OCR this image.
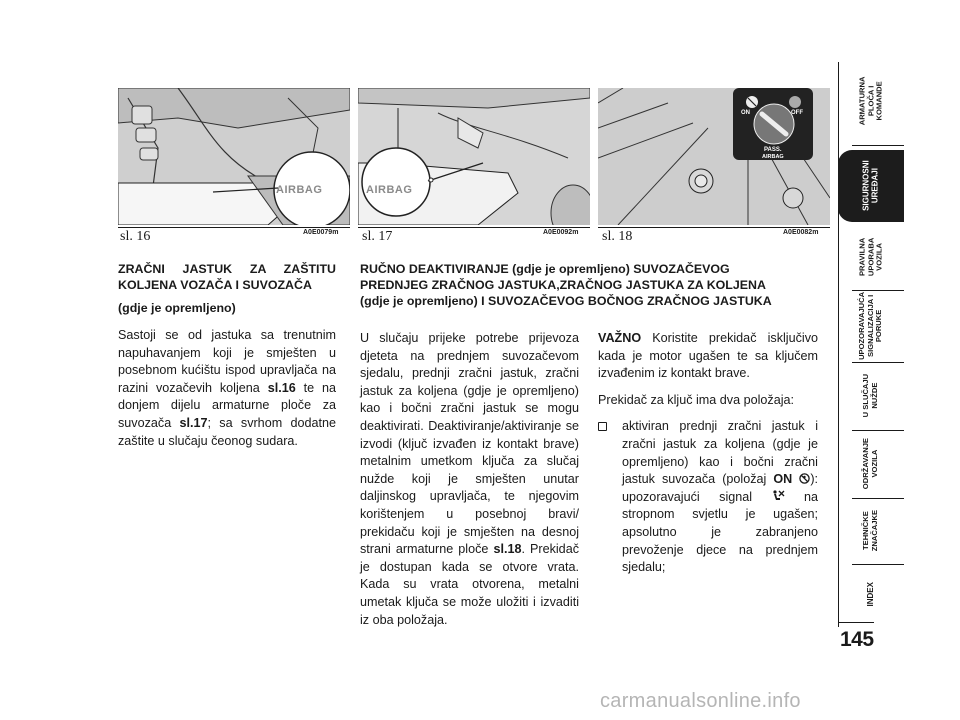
AIRBAG	AIRBAG
ON	OFF
PASS.
AIRBAG
sl. 16	A0E0079m sl. 17	A0E0092m sl. 18	A0E0082m
ZRAČNI JASTUK ZA ZAŠTITU
KOLJENA VOZAČA I SUVOZAČA
(gdje je opremljeno)

Sastoji se od jastuka sa trenutnim napuhavanjem koji je smješten u posebnom kućištu ispod upravljača na razini vozačevih koljena sl.16 te na donjem dijelu armaturne ploče za suvozača sl.17; sa svrhom dodatne zaštite u slučaju čeonog sudara.

RUČNO DEAKTIVIRANJE (gdje je opremljeno) SUVOZAČEVOG
PREDNJEG ZRAČNOG JASTUKA,ZRAČNOG JASTUKA ZA KOLJENA
(gdje je opremljeno) I SUVOZAČEVOG BOČNOG ZRAČNOG JASTUKA

U slučaju prijeke potrebe prijevoza djeteta na prednjem suvozačevom sjedalu, prednji zračni jastuk, zračni jastuk za koljena (gdje je opremljeno) kao i bočni zračni jastuk se mogu deaktivirati. Deaktiviranje/aktiviranje se izvodi (ključ izvađen iz kontakt brave) metalnim umetkom ključa za slučaj nužde koji je smješten unutar daljinskog upravljača, te njegovim korištenjem u posebnoj bravi/ prekidaču koji je smješten na desnoj strani armaturne ploče sl.18. Prekidač je dostupan kada se otvore vrata. Kada su vrata otvorena, metalni umetak ključa se može uložiti i izvaditi iz oba položaja.

VAŽNO Koristite prekidač isključivo kada je motor ugašen te sa ključem izvađenim iz kontakt brave.

Prekidač za ključ ima dva položaja:

aktiviran prednji zračni jastuk i zračni jastuk za koljena (gdje je opremljeno) kao i bočni zračni jastuk suvozača (položaj ON ): upozoravajući signal  na stropnom svjetlu je ugašen; apsolutno je zabranjeno prevoženje djece na prednjem sjedalu;

ARMATURNA
PLOČA I
KOMANDE
SIGURNOSNI
UREĐAJI
PRAVILNA
UPORABA
VOZILA
UPOZORAVAJUĆA
SIGNALIZACIJA I
PORUKE
U SLUČAJU
NUŽDE
ODRŽAVANJE
VOZILA
TEHNIČKE
ZNAČAJKE
INDEX
145
carmanualsonline.info
